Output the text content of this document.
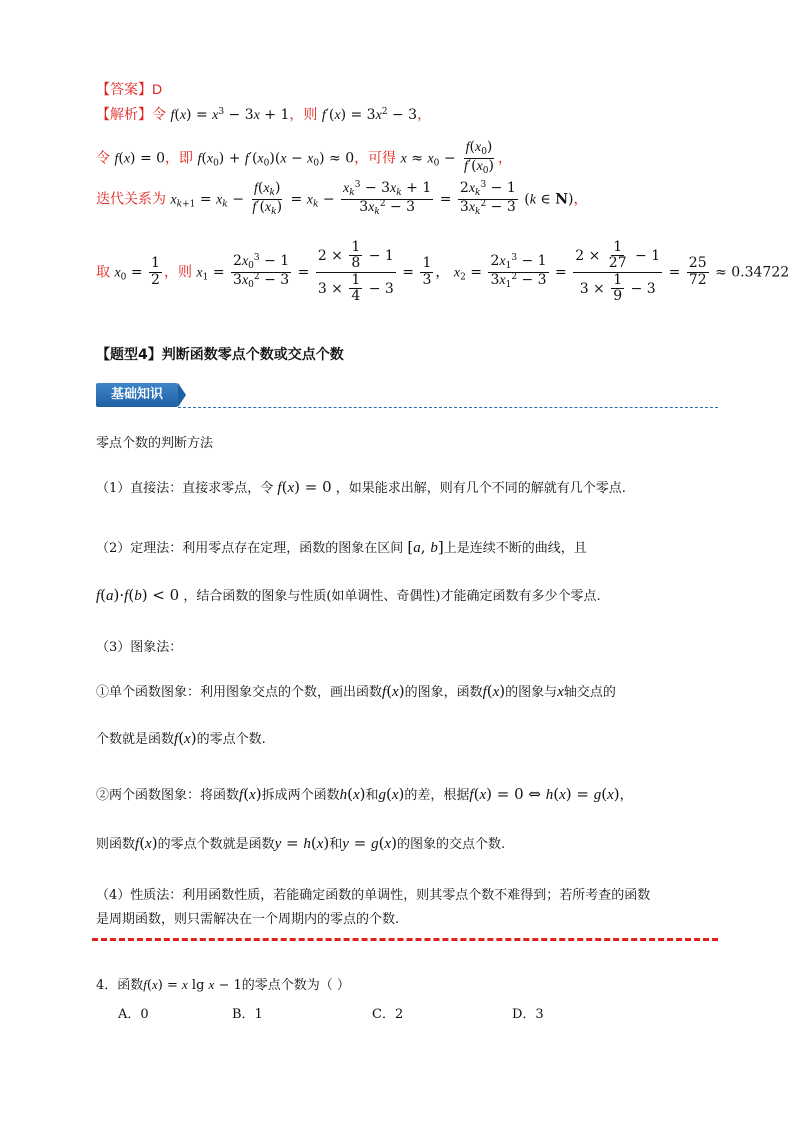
【答案】D
【解析】令 $f(x) = x^3 - 3x + 1$，则 $f'(x) = 3x^2 - 3$，
令 f(x) = 0，即 $f(x_0) + f'(x_0)(x - x_0) \approx 0$，可得 $x \approx x_0 - \frac{f(x_0)}{f'(x_0)}$ ，
迭代关系为 $x_{k+1} = x_k - \frac{f(x_k)}{f'(x_k)} = x_k - \frac{x_k^3 - 3x_k + 1}{3x_k^2 - 3} = \frac{2x_k^3 - 1}{3x_k^2 - 3} (k$ ∈ N)，
取 $x_0 = \frac{1}{2}$ ，则 $x_1 = \frac{2x_0^3 - 1}{3x_0^2 - 3} = \frac{2 \times \frac{1}{8} - 1}{3 \times \frac{1}{4} - 3} = \frac{1}{3}$ ， $x_2 = \frac{2x_1^3 - 1}{3x_1^2 - 3} = \frac{2 \times \frac{1}{27} - 1}{3 \times \frac{1}{9} - 3} = \frac{25}{72} \approx 0.34722$
【题型4】判断函数零点个数或交点个数
基础知识
零点个数的判断方法
（1）直接法：直接求零点，令 f(x) = 0 ，如果能求出解，则有几个不同的解就有几个零点.
（2）定理法：利用零点存在定理，函数的图象在区间 [a, b]上是连续不断的曲线，且
f(a)·f(b) < 0 ，结合函数的图象与性质(如单调性、奇偶性)才能确定函数有多少个零点.
（3）图象法：
①单个函数图象：利用图象交点的个数，画出函数f(x)的图象，函数f(x)的图象与x轴交点的
个数就是函数f(x)的零点个数.
②两个函数图象：将函数f(x)拆成两个函数h(x)和g(x)的差，根据f(x) = 0 ⇔ h(x) = g(x)，
则函数f(x)的零点个数就是函数y = h(x)和y = g(x)的图象的交点个数.
（4）性质法：利用函数性质，若能确定函数的单调性，则其零点个数不难得到；若所考查的函数
是周期函数，则只需解决在一个周期内的零点的个数.
4．函数f(x) = x lg x − 1的零点个数为（ ）
A．0	B．1	C．2	D．3
